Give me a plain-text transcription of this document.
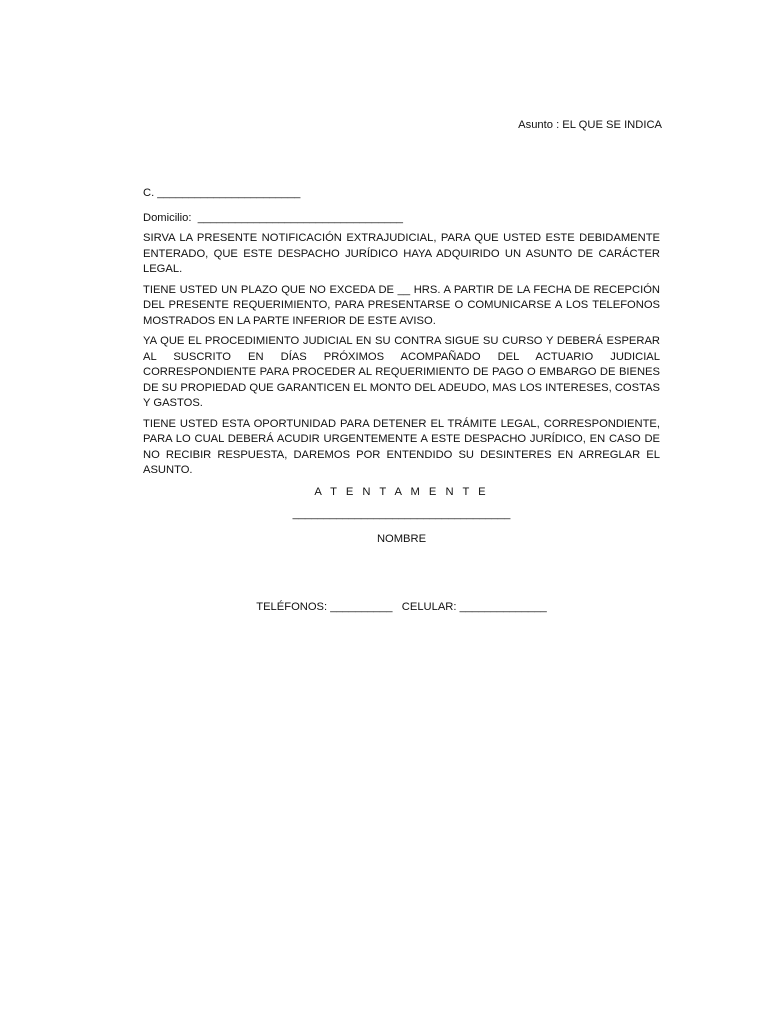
Asunto : EL QUE SE INDICA
C. _______________________
Domicilio:  _________________________________

SIRVA LA PRESENTE NOTIFICACIÓN EXTRAJUDICIAL, PARA QUE USTED ESTE DEBIDAMENTE ENTERADO, QUE ESTE DESPACHO JURÍDICO HAYA ADQUIRIDO UN ASUNTO DE CARÁCTER LEGAL.

TIENE USTED UN PLAZO QUE NO EXCEDA DE __ HRS. A PARTIR DE LA FECHA DE RECEPCIÓN DEL PRESENTE REQUERIMIENTO, PARA PRESENTARSE O COMUNICARSE A LOS TELEFONOS MOSTRADOS EN LA PARTE INFERIOR DE ESTE AVISO.

YA QUE EL PROCEDIMIENTO JUDICIAL EN SU CONTRA SIGUE SU CURSO Y DEBERÁ ESPERAR AL SUSCRITO EN DÍAS PRÓXIMOS ACOMPAÑADO DEL ACTUARIO JUDICIAL CORRESPONDIENTE PARA PROCEDER AL REQUERIMIENTO DE PAGO O EMBARGO DE BIENES DE SU PROPIEDAD QUE GARANTICEN EL MONTO DEL ADEUDO, MAS LOS INTERESES, COSTAS Y GASTOS.

TIENE USTED ESTA OPORTUNIDAD PARA DETENER EL TRÁMITE LEGAL, CORRESPONDIENTE, PARA LO CUAL DEBERÁ ACUDIR URGENTEMENTE A ESTE DESPACHO JURÍDICO, EN CASO DE NO RECIBIR RESPUESTA, DAREMOS POR ENTENDIDO SU DESINTERES EN ARREGLAR EL ASUNTO.

A T E N T A M E N T E
___________________________________
NOMBRE
TELÉFONOS: __________   CELULAR: ______________
